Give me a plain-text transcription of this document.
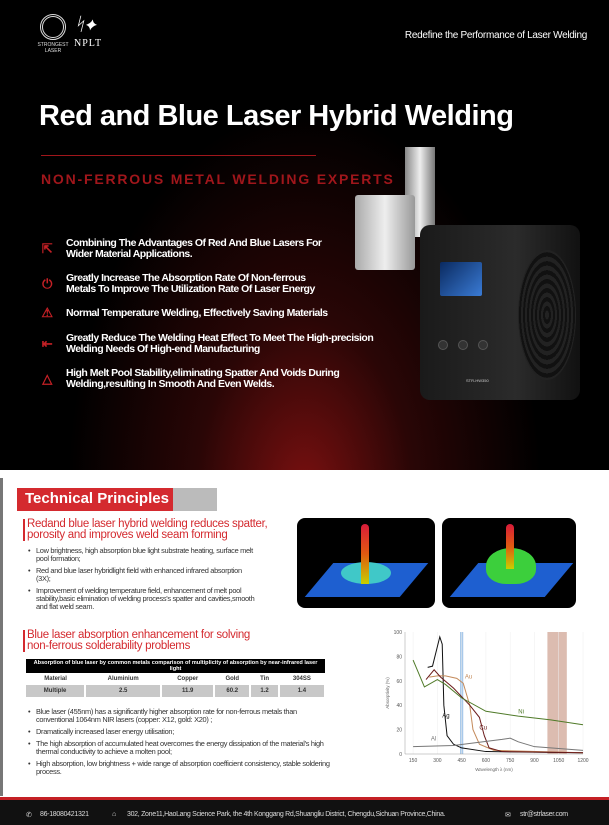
STRONGEST LASER
ᛋ✦
NPLT
Redefine the Performance of Laser Welding
Red and Blue Laser Hybrid Welding
NON-FERROUS METAL WELDING EXPERTS
STR-HW350
⇱ Combining The Advantages Of Red And Blue Lasers For
Wider Material Applications.
⏻ Greatly Increase The Absorption Rate Of Non-ferrous
Metals To Improve The Utilization Rate Of Laser Energy
⚠ Normal Temperature Welding, Effectively Saving Materials
⇤ Greatly Reduce The Welding Heat Effect To Meet The High-precision
Welding Needs Of High-end Manufacturing
△ High Melt Pool Stability,eliminating Spatter And Voids During
Welding,resulting In Smooth And Even Welds.
Technical Principles
Redand blue laser hybrid welding reduces spatter, porosity and improves weld seam forming
• Low brightness, high absorption blue light substrate heating, surface melt pool formation;
• Red and blue laser hybridlight field with enhanced infrared absorption (3X);
• Improvement of welding temperature field, enhancement of melt pool stability,basic elimination of welding process's spatter and cavities,smooth and flat weld seam.
Blue laser absorption enhancement for solving non-ferrous solderability problems
Absorption of blue laser by common metals comparison of multiplicity of absorption by near-infrared laser light					
Material	Aluminium	Copper	Gold	Tin	304SS
Multiple	2.5	11.9	60.2	1.2	1.4
• Blue laser (455nm) has a significantly higher absorption rate for non-ferrous metals than conventional 1064nm NIR lasers (copper: X12, gold: X20) ;
• Dramatically increased laser energy utilisation;
• The high absorption of accumulated heat overcomes the energy dissipation of the material's high thermal conductivity to achieve a molten pool;
• High absorption, low brightness + wide range of absorption coefficient consistency, stable soldering process.
150	300	450	600	750	900	1050	1200
0
20
40
60
80
100
Wavelength λ (nm)
Absorptivity (%)
Ag
Au
Cu
Ni
Al
✆ 86-18080421321	⌂ 302, Zone11,HaoLang Science Park, the 4th Konggang Rd,Shuangliu District, Chengdu,Sichuan Province,China.	✉ str@strlaser.com
